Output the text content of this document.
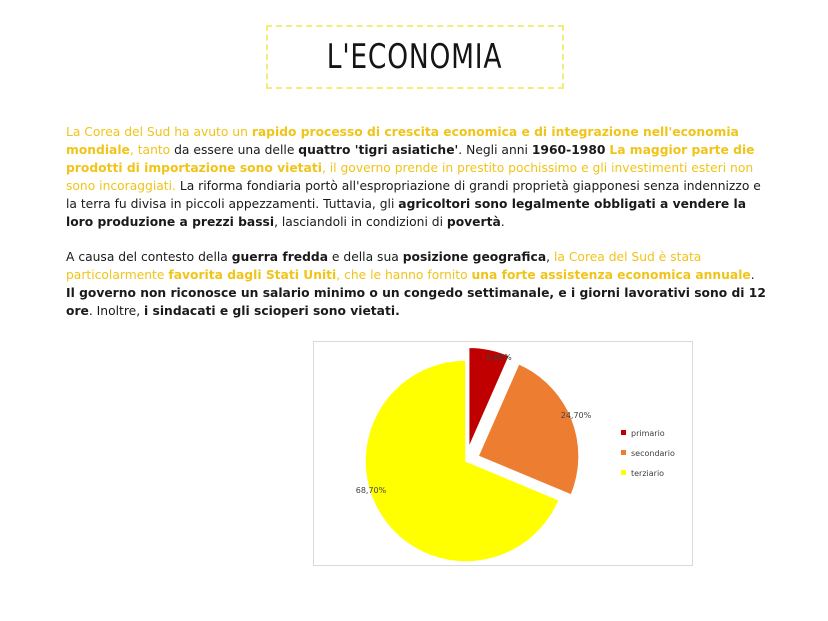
L'ECONOMIA

La Corea del Sud ha avuto un rapido processo di crescita economica e di integrazione nell'economia mondiale, tanto da essere una delle quattro 'tigri asiatiche'. Negli anni 1960-1980 La maggior parte die prodotti di importazione sono vietati, il governo prende in prestito pochissimo e gli investimenti esteri non sono incoraggiati. La riforma fondiaria portò all'espropriazione di grandi proprietà giapponesi senza indennizzo e la terra fu divisa in piccoli appezzamenti. Tuttavia, gli agricoltori sono legalmente obbligati a vendere la loro produzione a prezzi bassi, lasciandoli in condizioni di povertà.

A causa del contesto della guerra fredda e della sua posizione geografica, la Corea del Sud è stata particolarmente favorita dagli Stati Uniti, che le hanno fornito una forte assistenza economica annuale. Il governo non riconosce un salario minimo o un congedo settimanale, e i giorni lavorativi sono di 12 ore. Inoltre, i sindacati e gli scioperi sono vietati.

6,60%
24,70%
68,70%
primario
secondario
terziario
